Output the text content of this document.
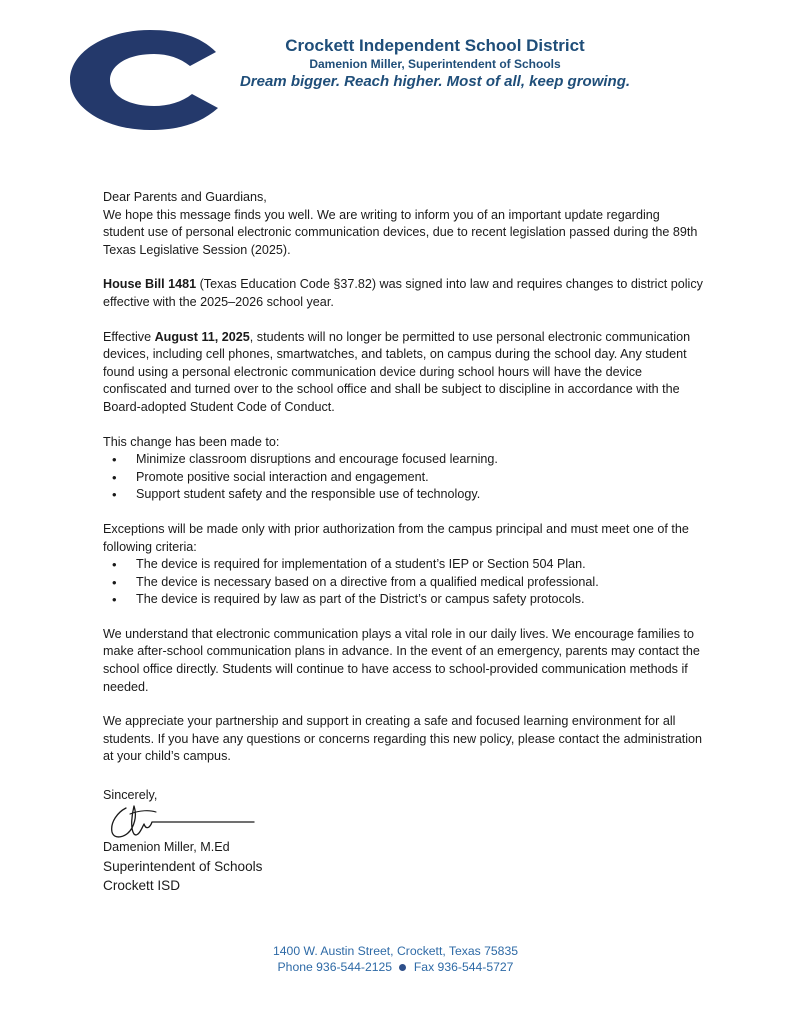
Crockett Independent School District
Damenion Miller, Superintendent of Schools
Dream bigger. Reach higher. Most of all, keep growing.

Dear Parents and Guardians,

We hope this message finds you well. We are writing to inform you of an important update regarding student use of personal electronic communication devices, due to recent legislation passed during the 89th Texas Legislative Session (2025).

House Bill 1481 (Texas Education Code §37.82) was signed into law and requires changes to district policy effective with the 2025–2026 school year.

Effective August 11, 2025, students will no longer be permitted to use personal electronic communication devices, including cell phones, smartwatches, and tablets, on campus during the school day. Any student found using a personal electronic communication device during school hours will have the device confiscated and turned over to the school office and shall be subject to discipline in accordance with the Board-adopted Student Code of Conduct.

This change has been made to:

• Minimize classroom disruptions and encourage focused learning.
• Promote positive social interaction and engagement.
• Support student safety and the responsible use of technology.

Exceptions will be made only with prior authorization from the campus principal and must meet one of the following criteria:

• The device is required for implementation of a student’s IEP or Section 504 Plan.
• The device is necessary based on a directive from a qualified medical professional.
• The device is required by law as part of the District’s or campus safety protocols.

We understand that electronic communication plays a vital role in our daily lives. We encourage families to make after-school communication plans in advance. In the event of an emergency, parents may contact the school office directly. Students will continue to have access to school-provided communication methods if needed.

We appreciate your partnership and support in creating a safe and focused learning environment for all students. If you have any questions or concerns regarding this new policy, please contact the administration at your child’s campus.

Sincerely,
Damenion Miller, M.Ed
Superintendent of Schools
Crockett ISD
1400 W. Austin Street, Crockett, Texas 75835
Phone 936-544-2125 Fax 936-544-5727
